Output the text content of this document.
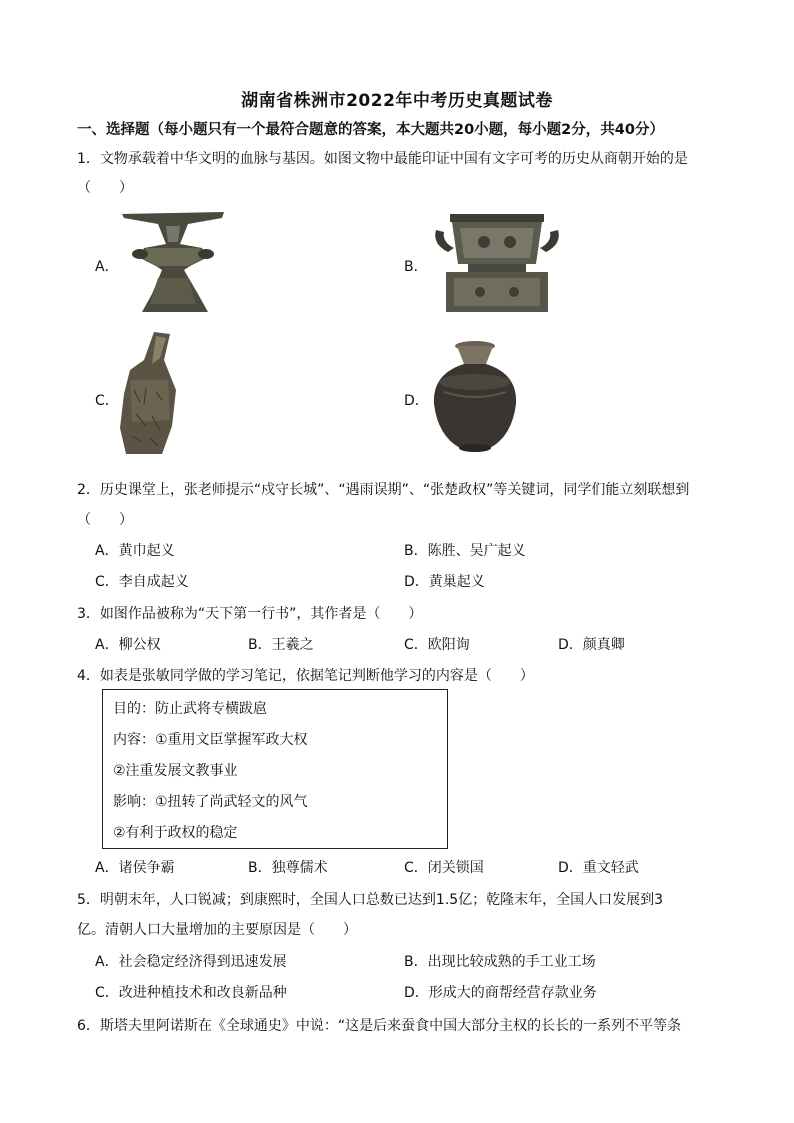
湖南省株洲市2022年中考历史真题试卷
一、选择题（每小题只有一个最符合题意的答案，本大题共20小题，每小题2分，共40分）
1．文物承载着中华文明的血脉与基因。如图文物中最能印证中国有文字可考的历史从商朝开始的是
（　　）
A．	B．
C．	D．
2．历史课堂上，张老师提示“戍守长城”、“遇雨误期”、“张楚政权”等关键词，同学们能立刻联想到
（　　）
A．黄巾起义	B．陈胜、吴广起义
C．李自成起义	D．黄巢起义
3．如图作品被称为“天下第一行书”，其作者是（　　）
A．柳公权	B．王羲之	C．欧阳询	D．颜真卿
4．如表是张敏同学做的学习笔记，依据笔记判断他学习的内容是（　　）
目的：防止武将专横跋扈
内容：①重用文臣掌握军政大权
②注重发展文教事业
影响：①扭转了尚武轻文的风气
②有利于政权的稳定
A．诸侯争霸	B．独尊儒术	C．闭关锁国	D．重文轻武
5．明朝末年，人口锐减；到康熙时，全国人口总数已达到1.5亿；乾隆末年，全国人口发展到3
亿。清朝人口大量增加的主要原因是（　　）
A．社会稳定经济得到迅速发展	B．出现比较成熟的手工业工场
C．改进种植技术和改良新品种	D．形成大的商帮经营存款业务
6．斯塔夫里阿诺斯在《全球通史》中说：“这是后来蚕食中国大部分主权的长长的一系列不平等条
